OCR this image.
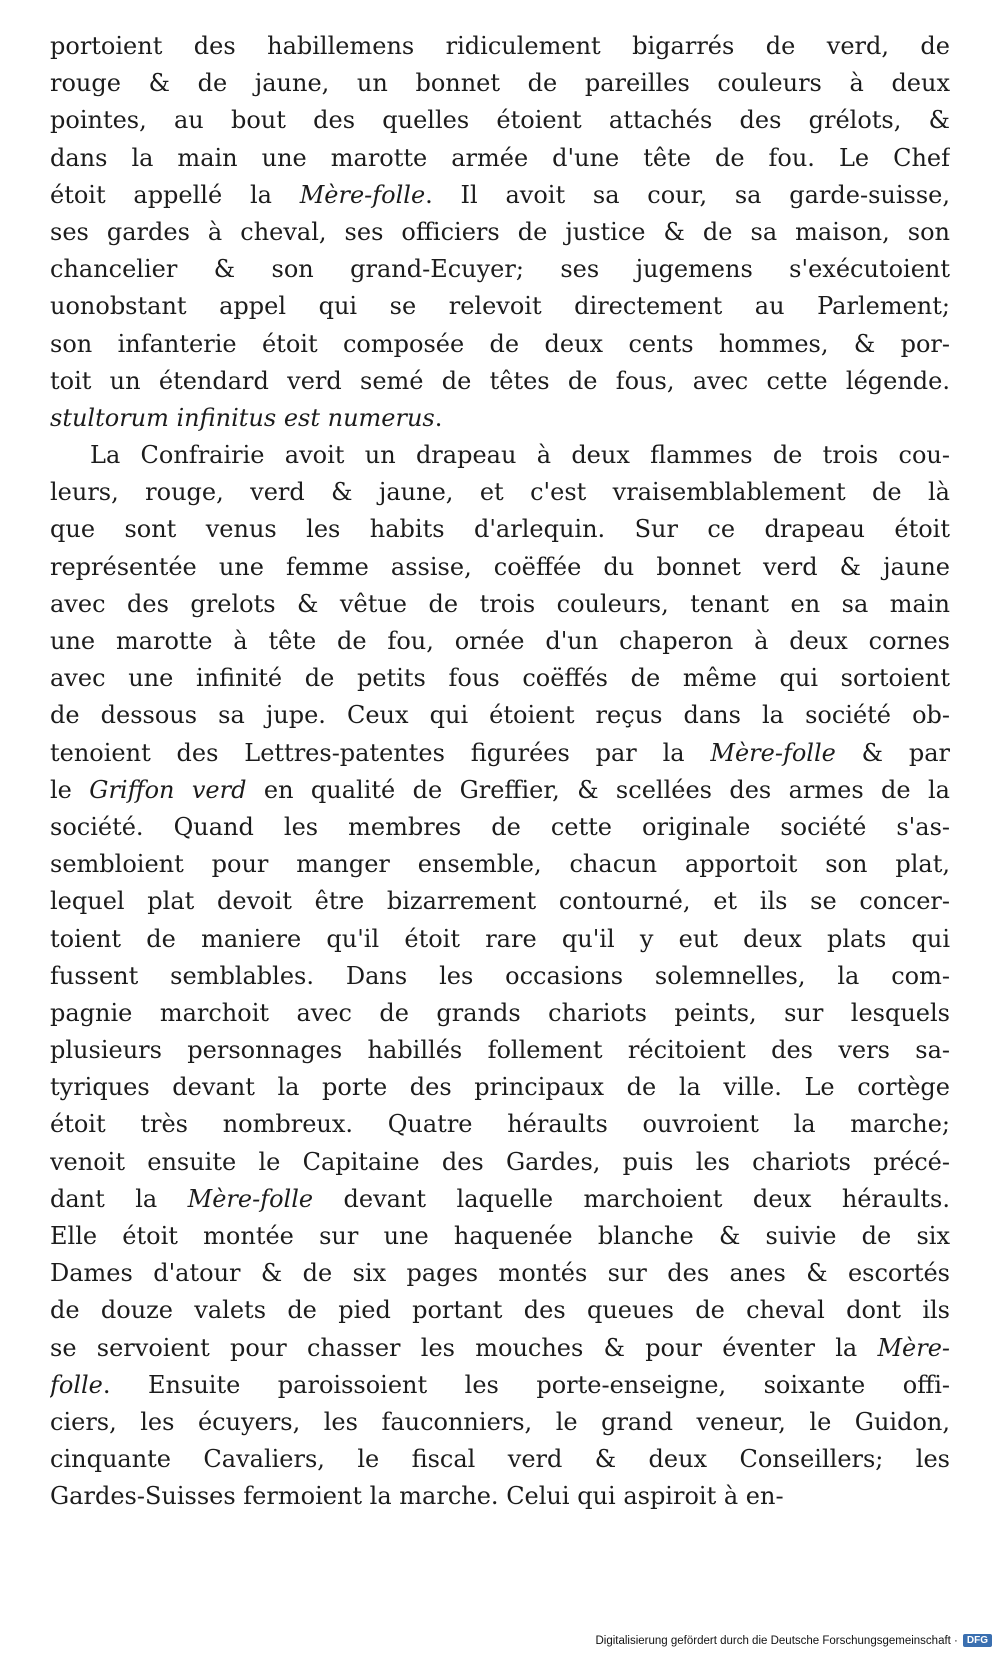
portoient des habillemens ridiculement bigarrés de verd, de
rouge & de jaune, un bonnet de pareilles couleurs à deux
pointes, au bout des quelles étoient attachés des grélots, &
dans la main une marotte armée d'une tête de fou. Le Chef
étoit appellé la Mère-folle. Il avoit sa cour, sa garde-suisse,
ses gardes à cheval, ses officiers de justice & de sa maison, son
chancelier & son grand-Ecuyer; ses jugemens s'exécutoient
uonobstant appel qui se relevoit directement au Parlement;
son infanterie étoit composée de deux cents hommes, & por-
toit un étendard verd semé de têtes de fous, avec cette légende.
stultorum infinitus est numerus.
La Confrairie avoit un drapeau à deux flammes de trois cou-
leurs, rouge, verd & jaune, et c'est vraisemblablement de là
que sont venus les habits d'arlequin. Sur ce drapeau étoit
représentée une femme assise, coëffée du bonnet verd & jaune
avec des grelots & vêtue de trois couleurs, tenant en sa main
une marotte à tête de fou, ornée d'un chaperon à deux cornes
avec une infinité de petits fous coëffés de même qui sortoient
de dessous sa jupe. Ceux qui étoient reçus dans la société ob-
tenoient des Lettres-patentes figurées par la Mère-folle & par
le Griffon verd en qualité de Greffier, & scellées des armes de la
société. Quand les membres de cette originale société s'as-
sembloient pour manger ensemble, chacun apportoit son plat,
lequel plat devoit être bizarrement contourné, et ils se concer-
toient de maniere qu'il étoit rare qu'il y eut deux plats qui
fussent semblables. Dans les occasions solemnelles, la com-
pagnie marchoit avec de grands chariots peints, sur lesquels
plusieurs personnages habillés follement récitoient des vers sa-
tyriques devant la porte des principaux de la ville. Le cortège
étoit très nombreux. Quatre héraults ouvroient la marche;
venoit ensuite le Capitaine des Gardes, puis les chariots précé-
dant la Mère-folle devant laquelle marchoient deux héraults.
Elle étoit montée sur une haquenée blanche & suivie de six
Dames d'atour & de six pages montés sur des anes & escortés
de douze valets de pied portant des queues de cheval dont ils
se servoient pour chasser les mouches & pour éventer la Mère-
folle. Ensuite paroissoient les porte-enseigne, soixante offi-
ciers, les écuyers, les fauconniers, le grand veneur, le Guidon,
cinquante Cavaliers, le fiscal verd & deux Conseillers; les
Gardes-Suisses fermoient la marche. Celui qui aspiroit à en-
Digitalisierung gefördert durch die Deutsche Forschungsgemeinschaft · DFG
